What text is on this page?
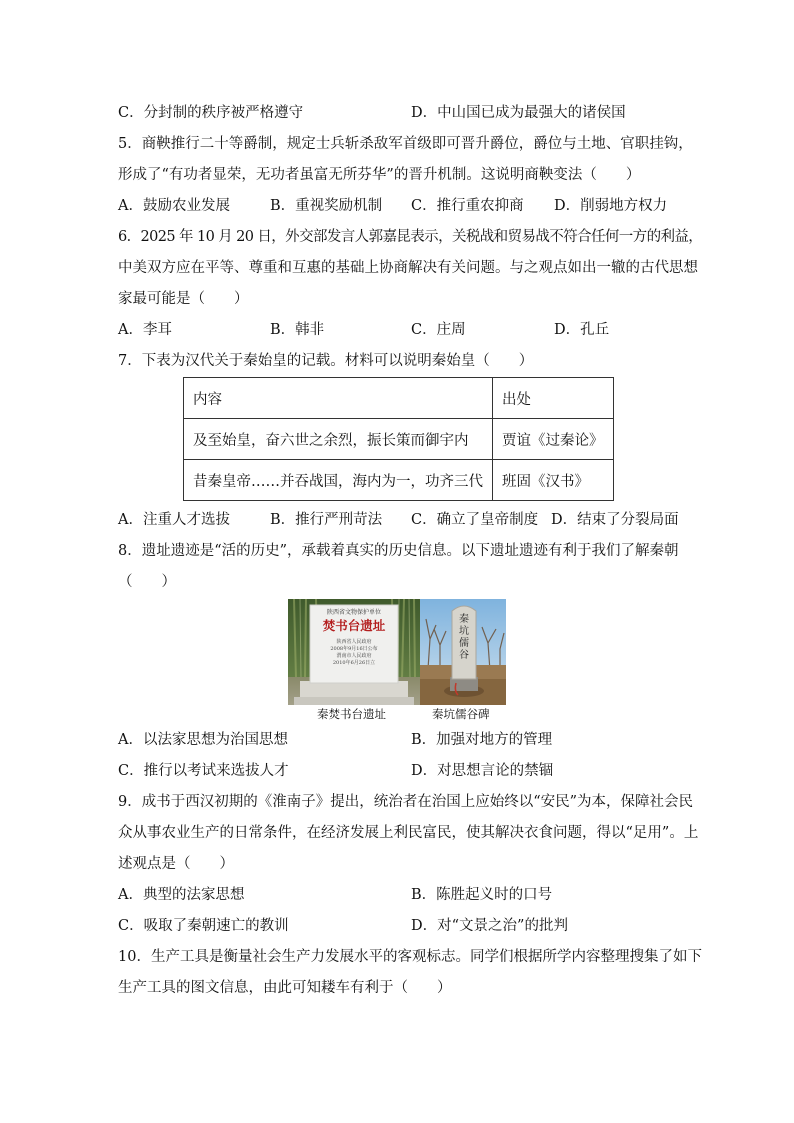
C．分封制的秩序被严格遵守	D．中山国已成为最强大的诸侯国
5．商鞅推行二十等爵制，规定士兵斩杀敌军首级即可晋升爵位，爵位与土地、官职挂钩，
形成了“有功者显荣，无功者虽富无所芬华”的晋升机制。这说明商鞅变法（　　）
A．鼓励农业发展	B．重视奖励机制 C．推行重农抑商 D．削弱地方权力
6．2025 年 10 月 20 日，外交部发言人郭嘉昆表示，关税战和贸易战不符合任何一方的利益，
中美双方应在平等、尊重和互惠的基础上协商解决有关问题。与之观点如出一辙的古代思想
家最可能是（　　）
A．李耳	B．韩非	C．庄周	D．孔丘
7．下表为汉代关于秦始皇的记载。材料可以说明秦始皇（　　）
内容	出处
及至始皇，奋六世之余烈，振长策而御宇内	贾谊《过秦论》
昔秦皇帝……并吞战国，海内为一，功齐三代	班固《汉书》
A．注重人才选拔	B．推行严刑苛法 C．确立了皇帝制度 D．结束了分裂局面
8．遗址遗迹是“活的历史”，承载着真实的历史信息。以下遗址遗迹有利于我们了解秦朝
（　　）
陕西省文物保护单位
焚书台遗址
陕西省人民政府
2008年9月16日公布
渭南市人民政府
2010年6月26日立
秦坑儒谷
秦焚书台遗址	秦坑儒谷碑
A．以法家思想为治国思想	B．加强对地方的管理
C．推行以考试来选拔人才	D．对思想言论的禁锢
9．成书于西汉初期的《淮南子》提出，统治者在治国上应始终以“安民”为本，保障社会民
众从事农业生产的日常条件，在经济发展上利民富民，使其解决衣食问题，得以“足用”。上
述观点是（　　）
A．典型的法家思想	B．陈胜起义时的口号
C．吸取了秦朝速亡的教训	D．对“文景之治”的批判
10．生产工具是衡量社会生产力发展水平的客观标志。同学们根据所学内容整理搜集了如下
生产工具的图文信息，由此可知耧车有利于（　　）
